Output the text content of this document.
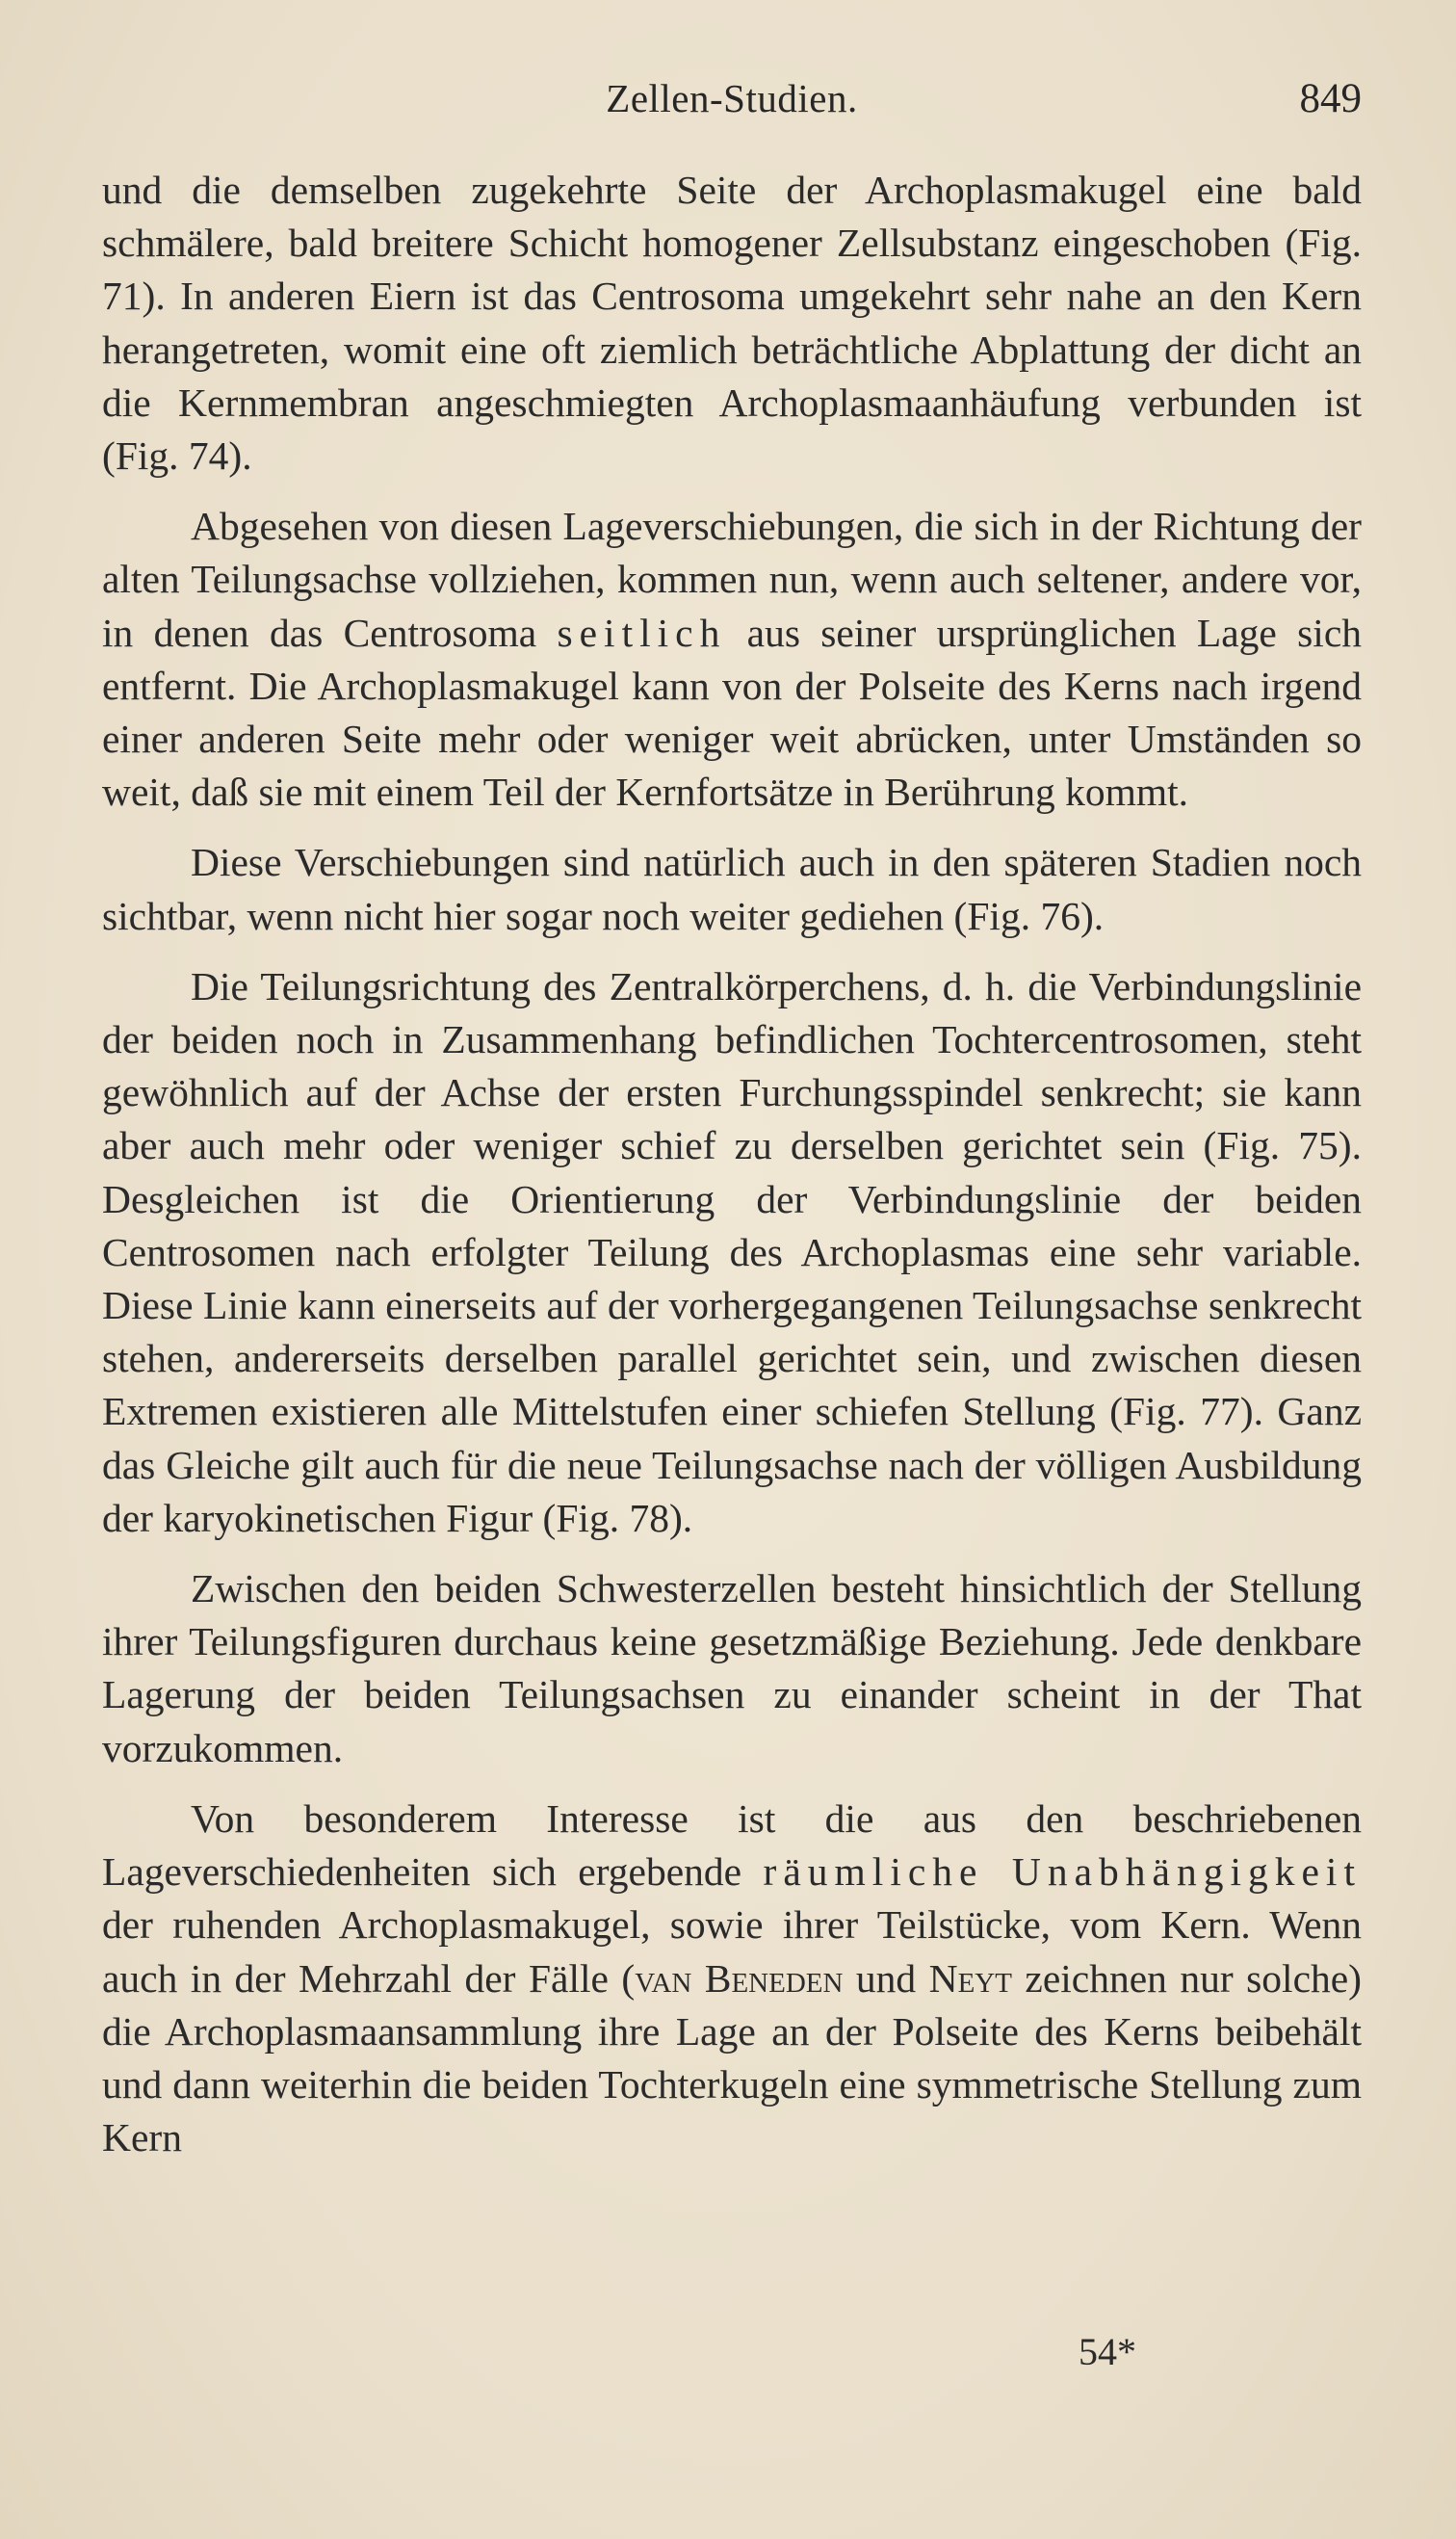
Zellen-Studien.	849

und die demselben zugekehrte Seite der Archoplasmakugel eine bald schmälere, bald breitere Schicht homogener Zellsubstanz eingeschoben (Fig. 71). In anderen Eiern ist das Centrosoma umgekehrt sehr nahe an den Kern herangetreten, womit eine oft ziemlich beträchtliche Abplattung der dicht an die Kernmembran angeschmiegten Archoplasmaanhäufung verbunden ist (Fig. 74).

Abgesehen von diesen Lageverschiebungen, die sich in der Richtung der alten Teilungsachse vollziehen, kommen nun, wenn auch seltener, andere vor, in denen das Centrosoma seitlich aus seiner ursprünglichen Lage sich entfernt. Die Archoplasmakugel kann von der Polseite des Kerns nach irgend einer anderen Seite mehr oder weniger weit abrücken, unter Umständen so weit, daß sie mit einem Teil der Kernfortsätze in Berührung kommt.

Diese Verschiebungen sind natürlich auch in den späteren Stadien noch sichtbar, wenn nicht hier sogar noch weiter gediehen (Fig. 76).

Die Teilungsrichtung des Zentralkörperchens, d. h. die Verbindungslinie der beiden noch in Zusammenhang befindlichen Tochtercentrosomen, steht gewöhnlich auf der Achse der ersten Furchungsspindel senkrecht; sie kann aber auch mehr oder weniger schief zu derselben gerichtet sein (Fig. 75). Desgleichen ist die Orientierung der Verbindungslinie der beiden Centrosomen nach erfolgter Teilung des Archoplasmas eine sehr variable. Diese Linie kann einerseits auf der vorhergegangenen Teilungsachse senkrecht stehen, andererseits derselben parallel gerichtet sein, und zwischen diesen Extremen existieren alle Mittelstufen einer schiefen Stellung (Fig. 77). Ganz das Gleiche gilt auch für die neue Teilungsachse nach der völligen Ausbildung der karyokinetischen Figur (Fig. 78).

Zwischen den beiden Schwesterzellen besteht hinsichtlich der Stellung ihrer Teilungsfiguren durchaus keine gesetzmäßige Beziehung. Jede denkbare Lagerung der beiden Teilungsachsen zu einander scheint in der That vorzukommen.

Von besonderem Interesse ist die aus den beschriebenen Lageverschiedenheiten sich ergebende räumliche Unabhängigkeit der ruhenden Archoplasmakugel, sowie ihrer Teilstücke, vom Kern. Wenn auch in der Mehrzahl der Fälle (van Beneden und Neyt zeichnen nur solche) die Archoplasmaansammlung ihre Lage an der Polseite des Kerns beibehält und dann weiterhin die beiden Tochterkugeln eine symmetrische Stellung zum Kern

54*
